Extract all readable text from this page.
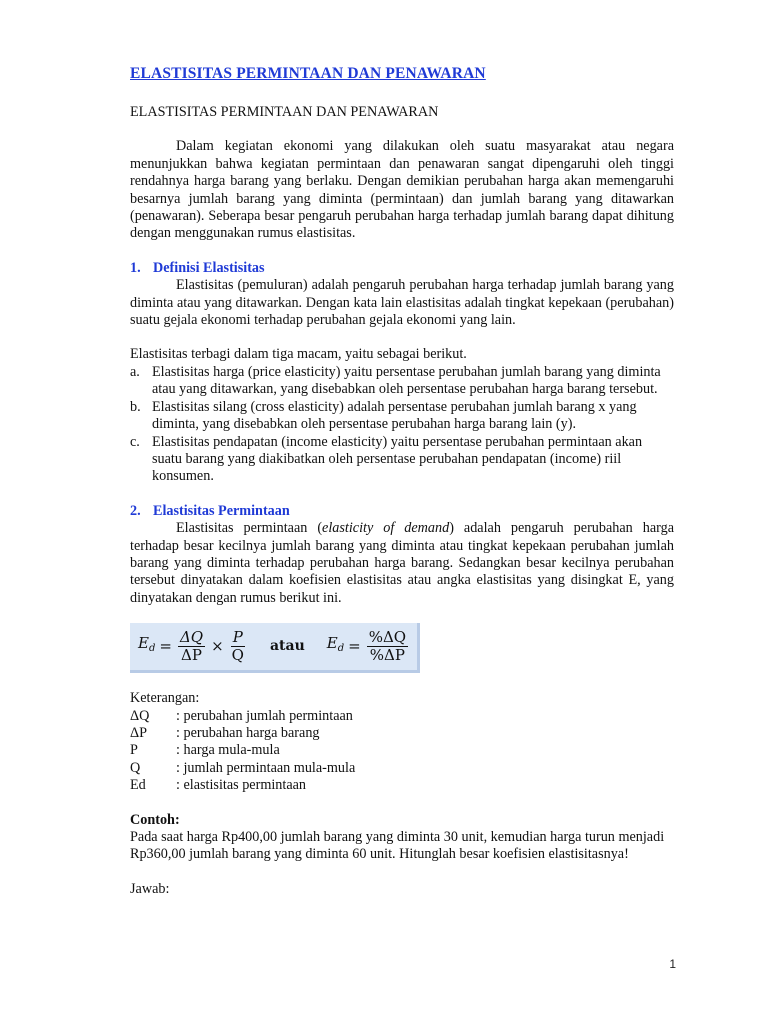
ELASTISITAS PERMINTAAN DAN PENAWARAN

ELASTISITAS PERMINTAAN DAN PENAWARAN

Dalam kegiatan ekonomi yang dilakukan oleh suatu masyarakat atau negara menunjukkan bahwa kegiatan permintaan dan penawaran sangat dipengaruhi oleh tinggi rendahnya harga barang yang berlaku. Dengan demikian perubahan harga akan memengaruhi besarnya jumlah barang yang diminta (permintaan) dan jumlah barang yang ditawarkan (penawaran). Seberapa besar pengaruh perubahan harga terhadap jumlah barang dapat dihitung dengan menggunakan rumus elastisitas.

1. Definisi Elastisitas

Elastisitas (pemuluran) adalah pengaruh perubahan harga terhadap jumlah barang yang diminta atau yang ditawarkan. Dengan kata lain elastisitas adalah tingkat kepekaan (perubahan) suatu gejala ekonomi terhadap perubahan gejala ekonomi yang lain.

Elastisitas terbagi dalam tiga macam, yaitu sebagai berikut.

a. Elastisitas harga (price elasticity) yaitu persentase perubahan jumlah barang yang diminta atau yang ditawarkan, yang disebabkan oleh persentase perubahan harga barang tersebut.
b. Elastisitas silang (cross elasticity) adalah persentase perubahan jumlah barang x yang diminta, yang disebabkan oleh persentase perubahan harga barang lain (y).
c. Elastisitas pendapatan (income elasticity) yaitu persentase perubahan permintaan akan suatu barang yang diakibatkan oleh persentase perubahan pendapatan (income) riil konsumen.
2. Elastisitas Permintaan

Elastisitas permintaan (elasticity of demand) adalah pengaruh perubahan harga terhadap besar kecilnya jumlah barang yang diminta atau tingkat kepekaan perubahan jumlah barang yang diminta terhadap perubahan harga barang. Sedangkan besar kecilnya perubahan tersebut dinyatakan dalam koefisien elastisitas atau angka elastisitas yang disingkat E, yang dinyatakan dengan rumus berikut ini.

$E_d = \frac{\Delta Q}{\Delta P} \times \frac{P}{Q}$ atau $E_d = \frac{\%\Delta Q}{\%\Delta P}$

Keterangan:

ΔQ	: perubahan jumlah permintaan
ΔP	: perubahan harga barang
P	: harga mula-mula
Q	: jumlah permintaan mula-mula
Ed	: elastisitas permintaan

Contoh:

Pada saat harga Rp400,00 jumlah barang yang diminta 30 unit, kemudian harga turun menjadi Rp360,00 jumlah barang yang diminta 60 unit. Hitunglah besar koefisien elastisitasnya!

Jawab:

1
